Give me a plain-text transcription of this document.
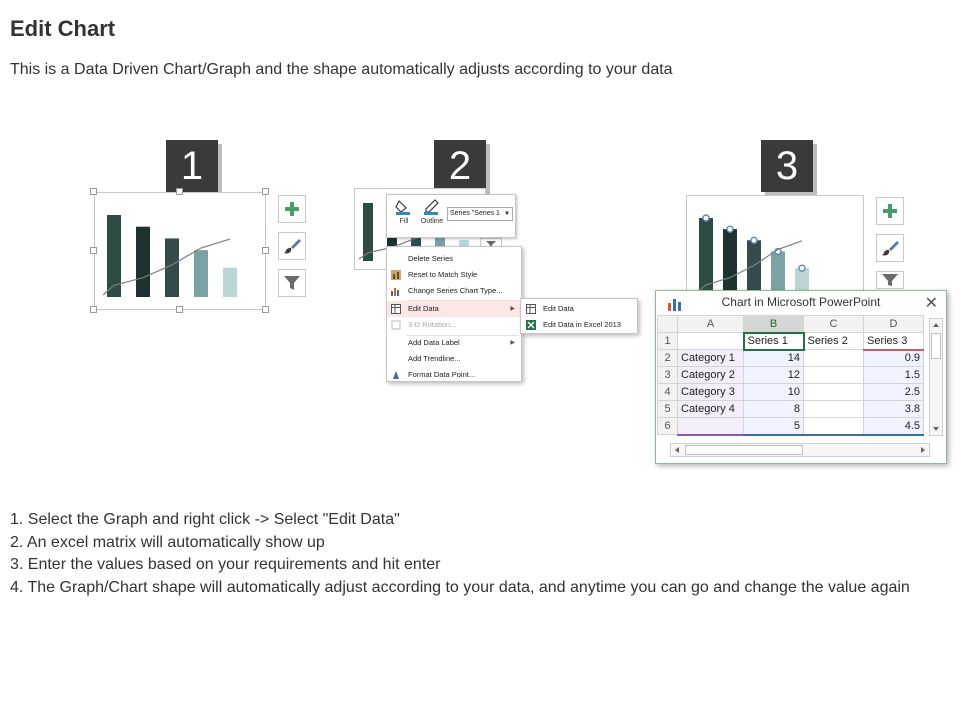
Edit Chart
This is a Data Driven Chart/Graph and the shape automatically adjusts according to your data
1	2	3
Fill	Outline
Series "Series 1 ▼
Delete Series
Reset to Match Style
Change Series Chart Type...
Edit Data	▶
3-D Rotation...
Add Data Label	▶
Add Trendline...
Format Data Point...
Edit Data
Edit Data in Excel 2013
Chart in Microsoft PowerPoint	✕
	A	B	C	D
1		Series 1	Series 2	Series 3
2	Category 1	14		0.9
3	Category 2	12		1.5
4	Category 3	10		2.5
5	Category 4	8		3.8
6		5		4.5
1. Select the Graph and right click -> Select "Edit Data"
2. An excel matrix will automatically show up
3. Enter the values based on your requirements and hit enter
4. The Graph/Chart shape will automatically adjust according to your data, and anytime you can go and change the value again
